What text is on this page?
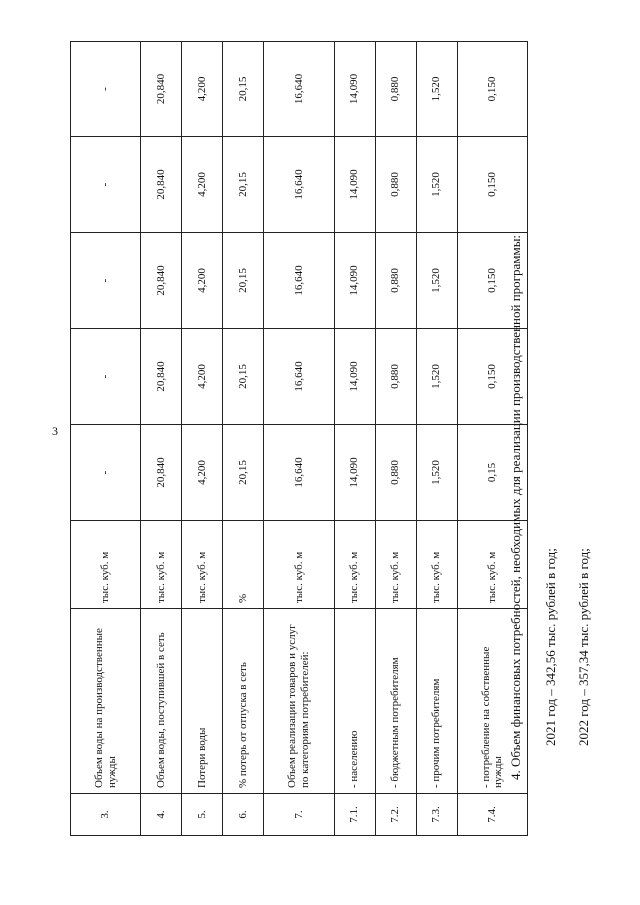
3
3.	Объем воды на производственные нужды	тыс. куб. м	-	-	-	-	-
4.	Объем воды, поступившей в сеть	тыс. куб. м	20,840	20,840	20,840	20,840	20,840
5.	Потери воды	тыс. куб. м	4,200	4,200	4,200	4,200	4,200
6.	% потерь от отпуска в сеть	%	20,15	20,15	20,15	20,15	20,15
7.	Объем реализации товаров и услуг по категориям потребителей:	тыс. куб. м	16,640	16,640	16,640	16,640	16,640
7.1.	- населению	тыс. куб. м	14,090	14,090	14,090	14,090	14,090
7.2.	- бюджетным потребителям	тыс. куб. м	0,880	0,880	0,880	0,880	0,880
7.3.	- прочим потребителям	тыс. куб. м	1,520	1,520	1,520	1,520	1,520
7.4.	- потребление на собственные нужды	тыс. куб. м	0,15	0,150	0,150	0,150	0,150

4. Объем финансовых потребностей, необходимых для реализации производственной программы: 2021 год – 342,56 тыс. рублей в год; 2022 год – 357,34 тыс. рублей в год;
